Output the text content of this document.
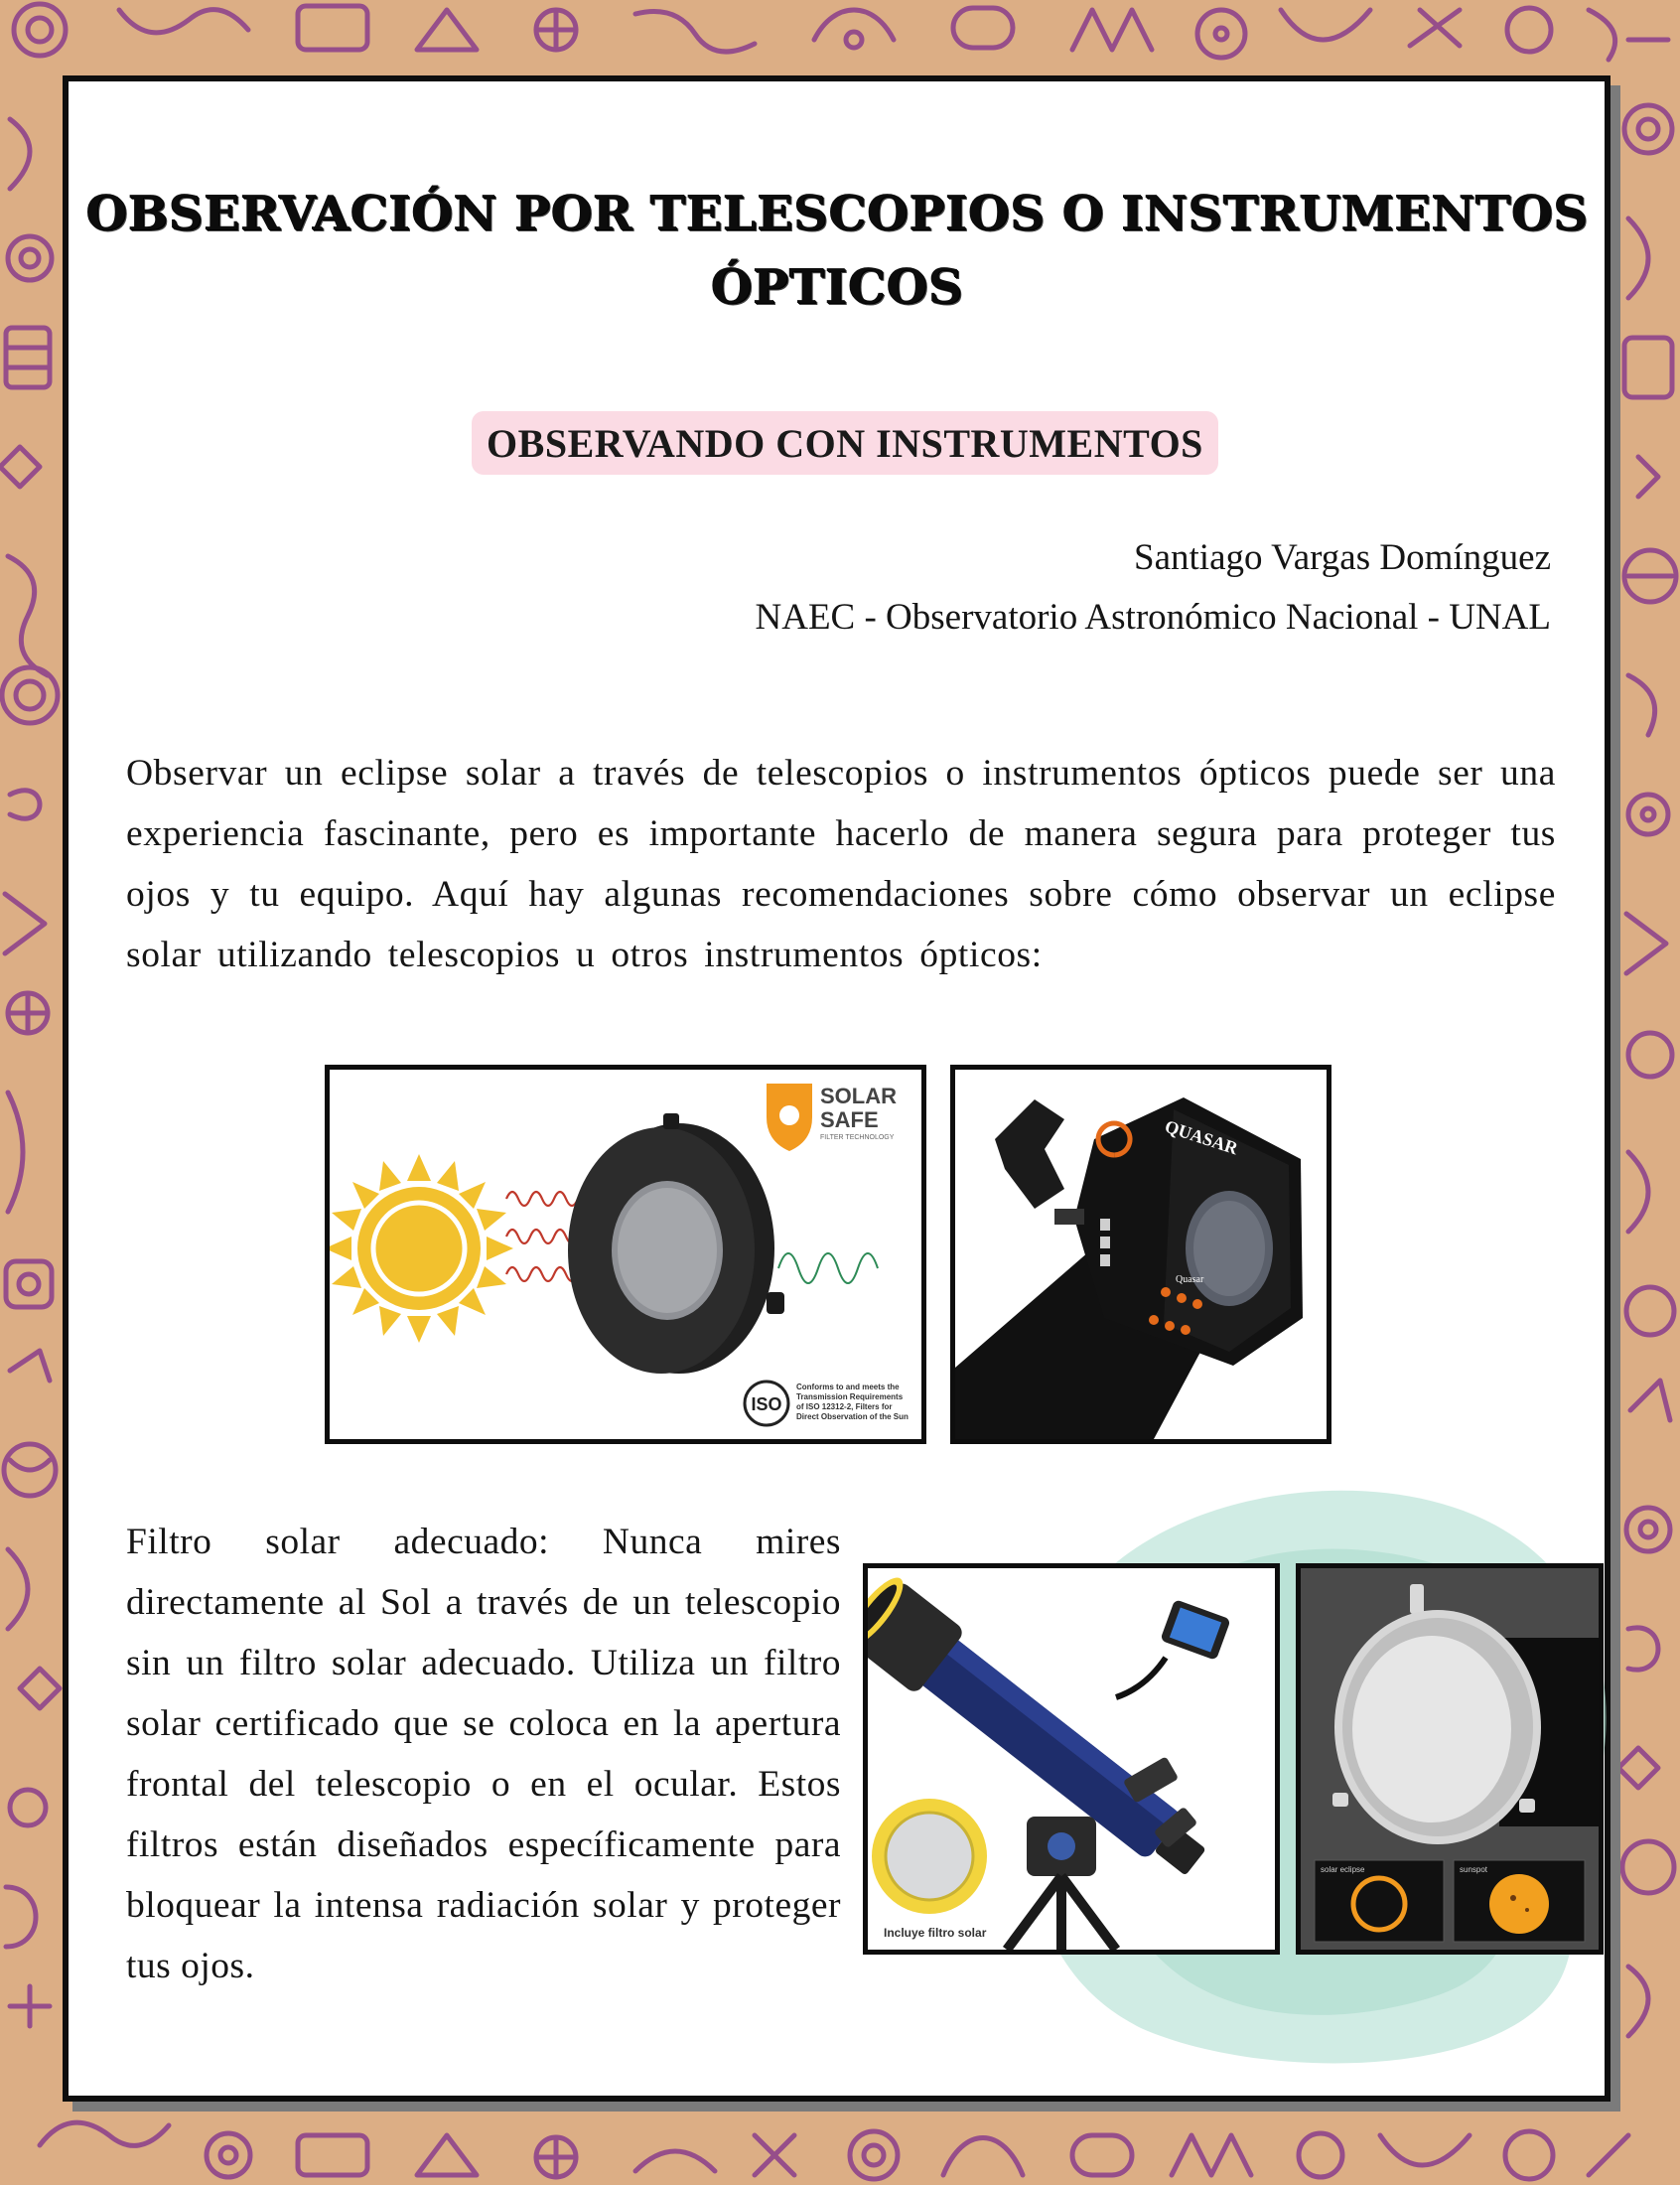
OBSERVACIÓN POR TELESCOPIOS O INSTRUMENTOS
ÓPTICOS
OBSERVANDO CON INSTRUMENTOS
Santiago Vargas Domínguez
NAEC - Observatorio Astronómico Nacional - UNAL

Observar un eclipse solar a través de telescopios o instrumentos ópticos puede ser una experiencia fascinante, pero es importante hacerlo de manera segura para proteger tus ojos y tu equipo. Aquí hay algunas recomendaciones sobre cómo observar un eclipse solar utilizando telescopios u otros instrumentos ópticos:

SOLAR
SAFE
FILTER TECHNOLOGY
ISO
Conforms to and meets the
Transmission Requirements
of ISO 12312-2, Filters for
Direct Observation of the Sun
QUASAR
Quasar

Filtro solar adecuado: Nunca mires directamente al Sol a través de un telescopio sin un filtro solar adecuado. Utiliza un filtro solar certificado que se coloca en la apertura frontal del telescopio o en el ocular. Estos filtros están diseñados específicamente para bloquear la intensa radiación solar y proteger tus ojos.

Incluye filtro solar
solar eclipse	sunspot
